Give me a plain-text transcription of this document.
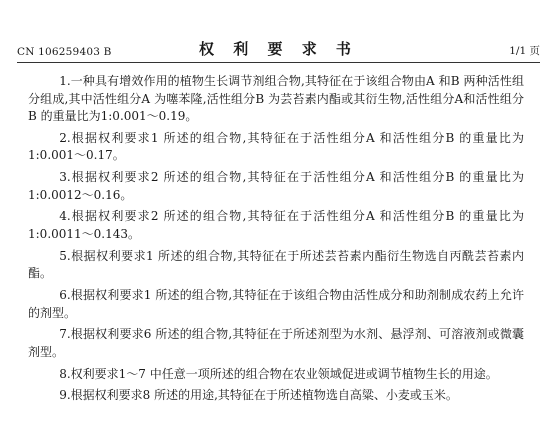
CN 106259403 B	权 利 要 求 书	1/1 页

1.一种具有增效作用的植物生长调节剂组合物,其特征在于该组合物由A 和B 两种活性组分组成,其中活性组分A 为噻苯隆,活性组分B 为芸苔素内酯或其衍生物,活性组分A和活性组分B 的重量比为1:0.001～0.19。

2.根据权利要求1 所述的组合物,其特征在于活性组分A 和活性组分B 的重量比为1:0.001～0.17。

3.根据权利要求2 所述的组合物,其特征在于活性组分A 和活性组分B 的重量比为1:0.0012～0.16。

4.根据权利要求2 所述的组合物,其特征在于活性组分A 和活性组分B 的重量比为1:0.0011～0.143。

5.根据权利要求1 所述的组合物,其特征在于所述芸苔素内酯衍生物选自丙酰芸苔素内酯。

6.根据权利要求1 所述的组合物,其特征在于该组合物由活性成分和助剂制成农药上允许的剂型。

7.根据权利要求6 所述的组合物,其特征在于所述剂型为水剂、悬浮剂、可溶液剂或微囊剂型。

8.权利要求1～7 中任意一项所述的组合物在农业领域促进或调节植物生长的用途。

9.根据权利要求8 所述的用途,其特征在于所述植物选自高粱、小麦或玉米。
